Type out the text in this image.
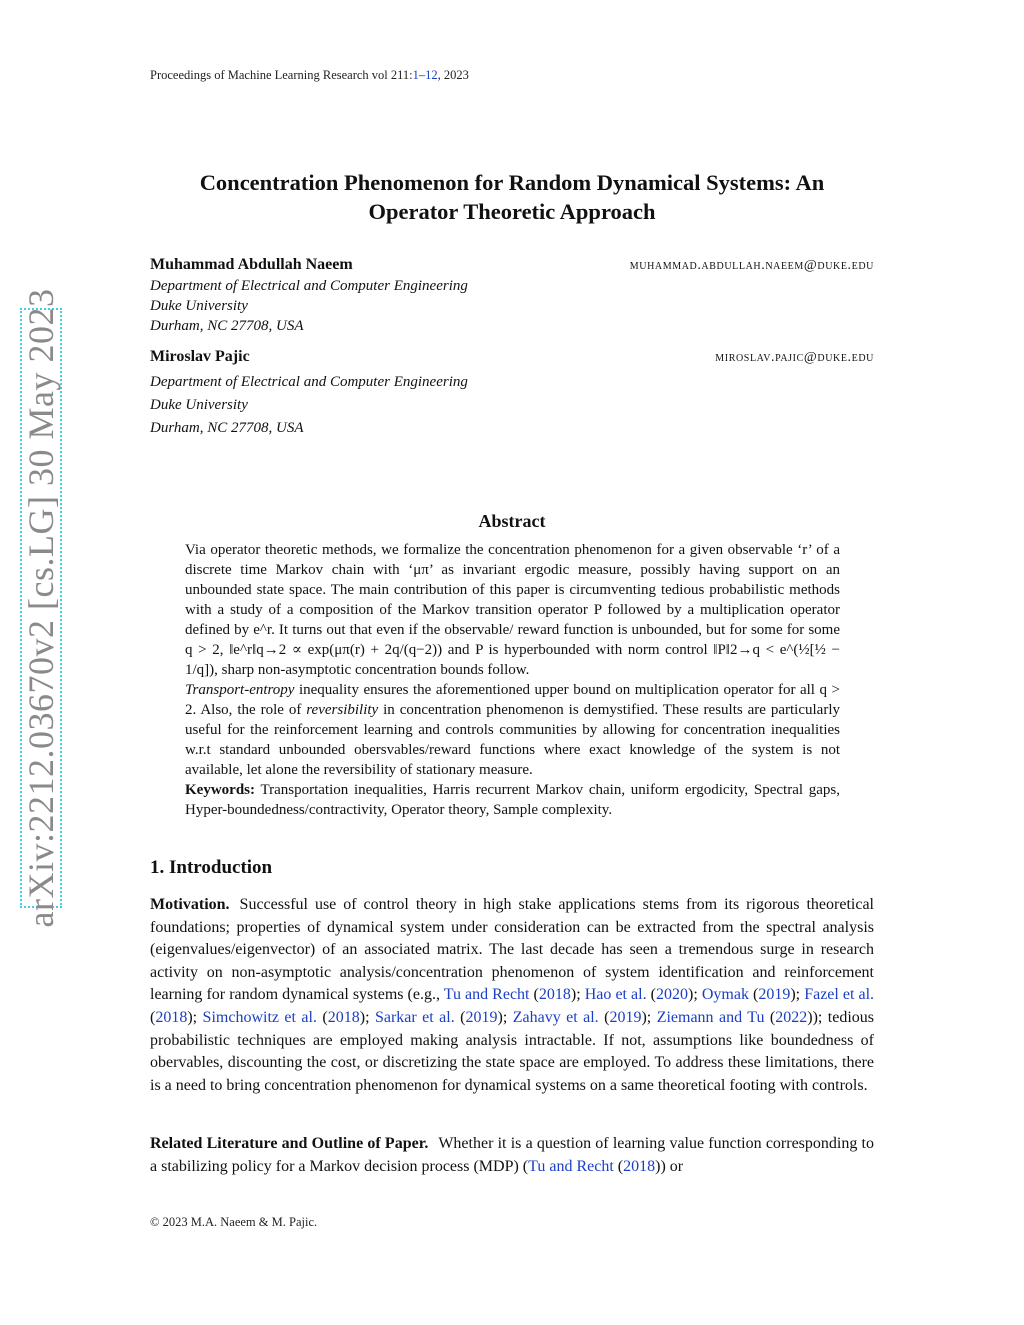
Proceedings of Machine Learning Research vol 211:1–12, 2023
Concentration Phenomenon for Random Dynamical Systems: An
Operator Theoretic Approach
Muhammad Abdullah Naeem	muhammad.abdullah.naeem@duke.edu
Department of Electrical and Computer Engineering
Duke University
Durham, NC 27708, USA
Miroslav Pajic	miroslav.pajic@duke.edu
Department of Electrical and Computer Engineering
Duke University
Durham, NC 27708, USA
Abstract

Via operator theoretic methods, we formalize the concentration phenomenon for a given observable ‘r’ of a discrete time Markov chain with ‘μπ’ as invariant ergodic measure, possibly having support on an unbounded state space. The main contribution of this paper is circumventing tedious probabilistic methods with a study of a composition of the Markov transition operator P followed by a multiplication operator defined by e^r. It turns out that even if the observable/ reward function is unbounded, but for some for some q > 2, ‖e^r‖q→2 ∝ exp(μπ(r) + 2q/(q−2)) and P is hyperbounded with norm control ‖P‖2→q < e^(½[½ − 1/q]), sharp non-asymptotic concentration bounds follow.

Transport-entropy inequality ensures the aforementioned upper bound on multiplication operator for all q > 2. Also, the role of reversibility in concentration phenomenon is demystified. These results are particularly useful for the reinforcement learning and controls communities by allowing for concentration inequalities w.r.t standard unbounded obersvables/reward functions where exact knowledge of the system is not available, let alone the reversibility of stationary measure.

Keywords: Transportation inequalities, Harris recurrent Markov chain, uniform ergodicity, Spectral gaps, Hyper-boundedness/contractivity, Operator theory, Sample complexity.

1. Introduction

Motivation. Successful use of control theory in high stake applications stems from its rigorous theoretical foundations; properties of dynamical system under consideration can be extracted from the spectral analysis (eigenvalues/eigenvector) of an associated matrix. The last decade has seen a tremendous surge in research activity on non-asymptotic analysis/concentration phenomenon of system identification and reinforcement learning for random dynamical systems (e.g., Tu and Recht (2018); Hao et al. (2020); Oymak (2019); Fazel et al. (2018); Simchowitz et al. (2018); Sarkar et al. (2019); Zahavy et al. (2019); Ziemann and Tu (2022)); tedious probabilistic techniques are employed making analysis intractable. If not, assumptions like boundedness of obervables, discounting the cost, or discretizing the state space are employed. To address these limitations, there is a need to bring concentration phenomenon for dynamical systems on a same theoretical footing with controls.

Related Literature and Outline of Paper. Whether it is a question of learning value function corresponding to a stabilizing policy for a Markov decision process (MDP) (Tu and Recht (2018)) or

© 2023 M.A. Naeem & M. Pajic.
arXiv:2212.03670v2 [cs.LG] 30 May 2023
